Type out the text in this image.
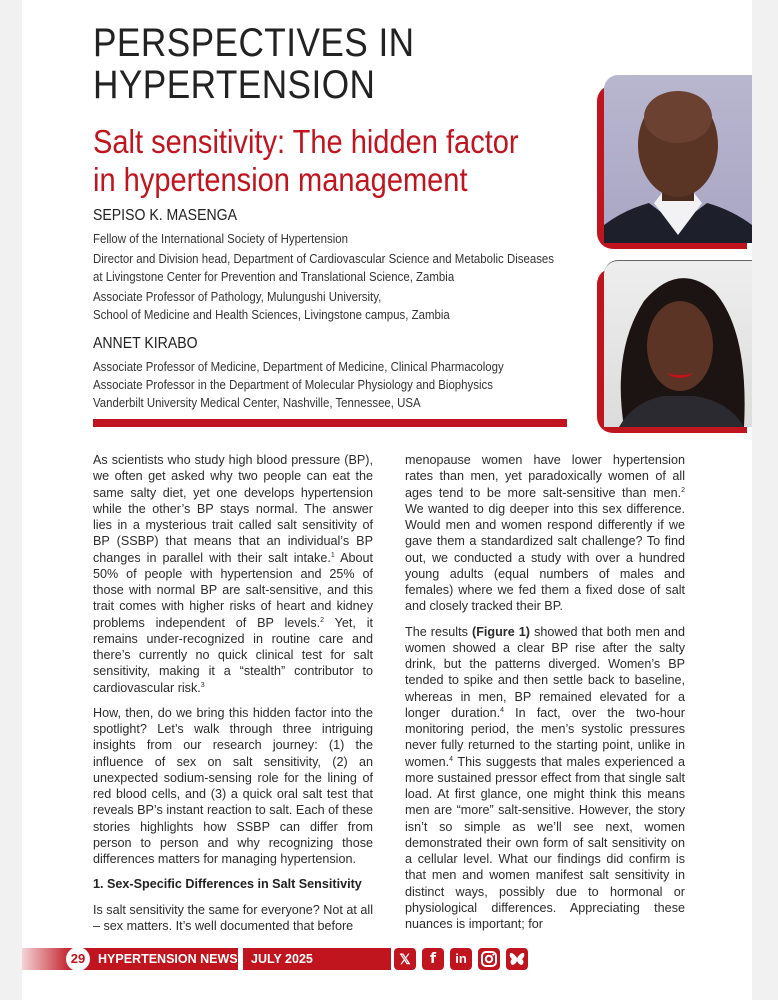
PERSPECTIVES IN
HYPERTENSION
Salt sensitivity: The hidden factor
in hypertension management
SEPISO K. MASENGA
Fellow of the International Society of Hypertension
Director and Division head, Department of Cardiovascular Science and Metabolic Diseases
at Livingstone Center for Prevention and Translational Science, Zambia
Associate Professor of Pathology, Mulungushi University,
School of Medicine and Health Sciences, Livingstone campus, Zambia
ANNET KIRABO
Associate Professor of Medicine, Department of Medicine, Clinical Pharmacology
Associate Professor in the Department of Molecular Physiology and Biophysics
Vanderbilt University Medical Center, Nashville, Tennessee, USA

As scientists who study high blood pressure (BP), we often get asked why two people can eat the same salty diet, yet one develops hypertension while the other’s BP stays normal. The answer lies in a mysterious trait called salt sensitivity of BP (SSBP) that means that an individual’s BP changes in parallel with their salt intake.$^1$ About 50% of people with hypertension and 25% of those with normal BP are salt-sensitive, and this trait comes with higher risks of heart and kidney problems independent of BP levels.$^2$ Yet, it remains under-recognized in routine care and there’s currently no quick clinical test for salt sensitivity, making it a “stealth” contributor to cardiovascular risk.$^3$

How, then, do we bring this hidden factor into the spotlight? Let’s walk through three intriguing insights from our research journey: (1) the influence of sex on salt sensitivity, (2) an unexpected sodium-sensing role for the lining of red blood cells, and (3) a quick oral salt test that reveals BP’s instant reaction to salt. Each of these stories highlights how SSBP can differ from person to person and why recognizing those differences matters for managing hypertension.

1. Sex-Specific Differences in Salt Sensitivity

Is salt sensitivity the same for everyone? Not at all – sex matters. It’s well documented that before

menopause women have lower hypertension rates than men, yet paradoxically women of all ages tend to be more salt-sensitive than men.$^2$ We wanted to dig deeper into this sex difference. Would men and women respond differently if we gave them a standardized salt challenge? To find out, we conducted a study with over a hundred young adults (equal numbers of males and females) where we fed them a fixed dose of salt and closely tracked their BP.

The results (Figure 1) showed that both men and women showed a clear BP rise after the salty drink, but the patterns diverged. Women’s BP tended to spike and then settle back to baseline, whereas in men, BP remained elevated for a longer duration.$^4$ In fact, over the two-hour monitoring period, the men’s systolic pressures never fully returned to the starting point, unlike in women.$^4$ This suggests that males experienced a more sustained pressor effect from that single salt load. At first glance, one might think this means men are “more” salt-sensitive. However, the story isn’t so simple as we’ll see next, women demonstrated their own form of salt sensitivity on a cellular level. What our findings did confirm is that men and women manifest salt sensitivity in distinct ways, possibly due to hormonal or physiological differences. Appreciating these nuances is important; for

HYPERTENSION NEWS
29	JULY 2025	𝕏	f	in
